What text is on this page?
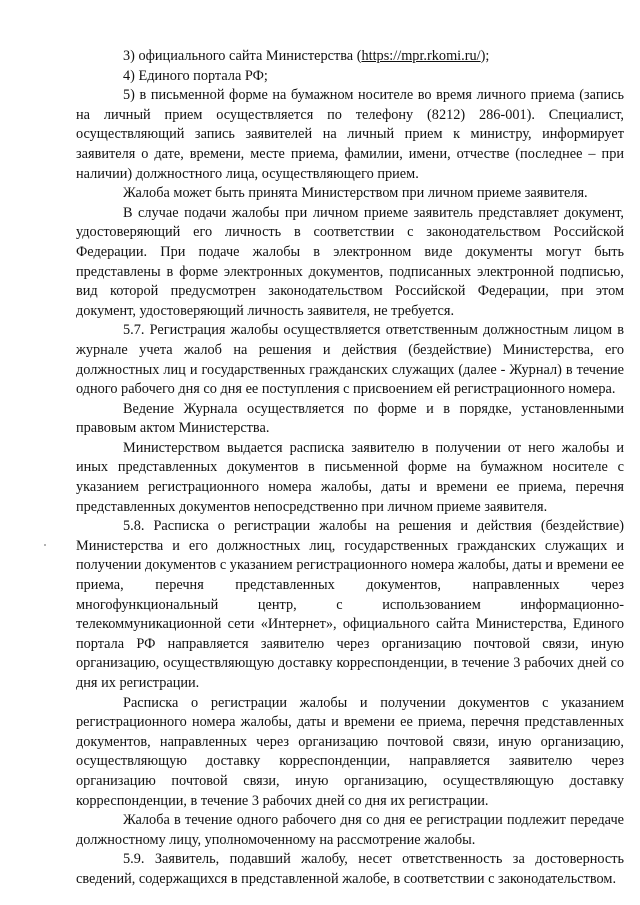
3) официального сайта Министерства (https://mpr.rkomi.ru/);

4) Единого портала РФ;

5) в письменной форме на бумажном носителе во время личного приема (запись на личный прием осуществляется по телефону (8212) 286-001). Специалист, осуществляющий запись заявителей на личный прием к министру, информирует заявителя о дате, времени, месте приема, фамилии, имени, отчестве (последнее – при наличии) должностного лица, осуществляющего прием.

Жалоба может быть принята Министерством при личном приеме заявителя.

В случае подачи жалобы при личном приеме заявитель представляет документ, удостоверяющий его личность в соответствии с законодательством Российской Федерации. При подаче жалобы в электронном виде документы могут быть представлены в форме электронных документов, подписанных электронной подписью, вид которой предусмотрен законодательством Российской Федерации, при этом документ, удостоверяющий личность заявителя, не требуется.

5.7. Регистрация жалобы осуществляется ответственным должностным лицом в журнале учета жалоб на решения и действия (бездействие) Министерства, его должностных лиц и государственных гражданских служащих (далее - Журнал) в течение одного рабочего дня со дня ее поступления с присвоением ей регистрационного номера.

Ведение Журнала осуществляется по форме и в порядке, установленными правовым актом Министерства.

Министерством выдается расписка заявителю в получении от него жалобы и иных представленных документов в письменной форме на бумажном носителе с указанием регистрационного номера жалобы, даты и времени ее приема, перечня представленных документов непосредственно при личном приеме заявителя.

5.8. Расписка о регистрации жалобы на решения и действия (бездействие) Министерства и его должностных лиц, государственных гражданских служащих и получении документов с указанием регистрационного номера жалобы, даты и времени ее приема, перечня представленных документов, направленных через многофункциональный центр, с использованием информационно-телекоммуникационной сети «Интернет», официального сайта Министерства, Единого портала РФ направляется заявителю через организацию почтовой связи, иную организацию, осуществляющую доставку корреспонденции, в течение 3 рабочих дней со дня их регистрации.

Расписка о регистрации жалобы и получении документов с указанием регистрационного номера жалобы, даты и времени ее приема, перечня представленных документов, направленных через организацию почтовой связи, иную организацию, осуществляющую доставку корреспонденции, направляется заявителю через организацию почтовой связи, иную организацию, осуществляющую доставку корреспонденции, в течение 3 рабочих дней со дня их регистрации.

Жалоба в течение одного рабочего дня со дня ее регистрации подлежит передаче должностному лицу, уполномоченному на рассмотрение жалобы.

5.9. Заявитель, подавший жалобу, несет ответственность за достоверность сведений, содержащихся в представленной жалобе, в соответствии с законодательством.
